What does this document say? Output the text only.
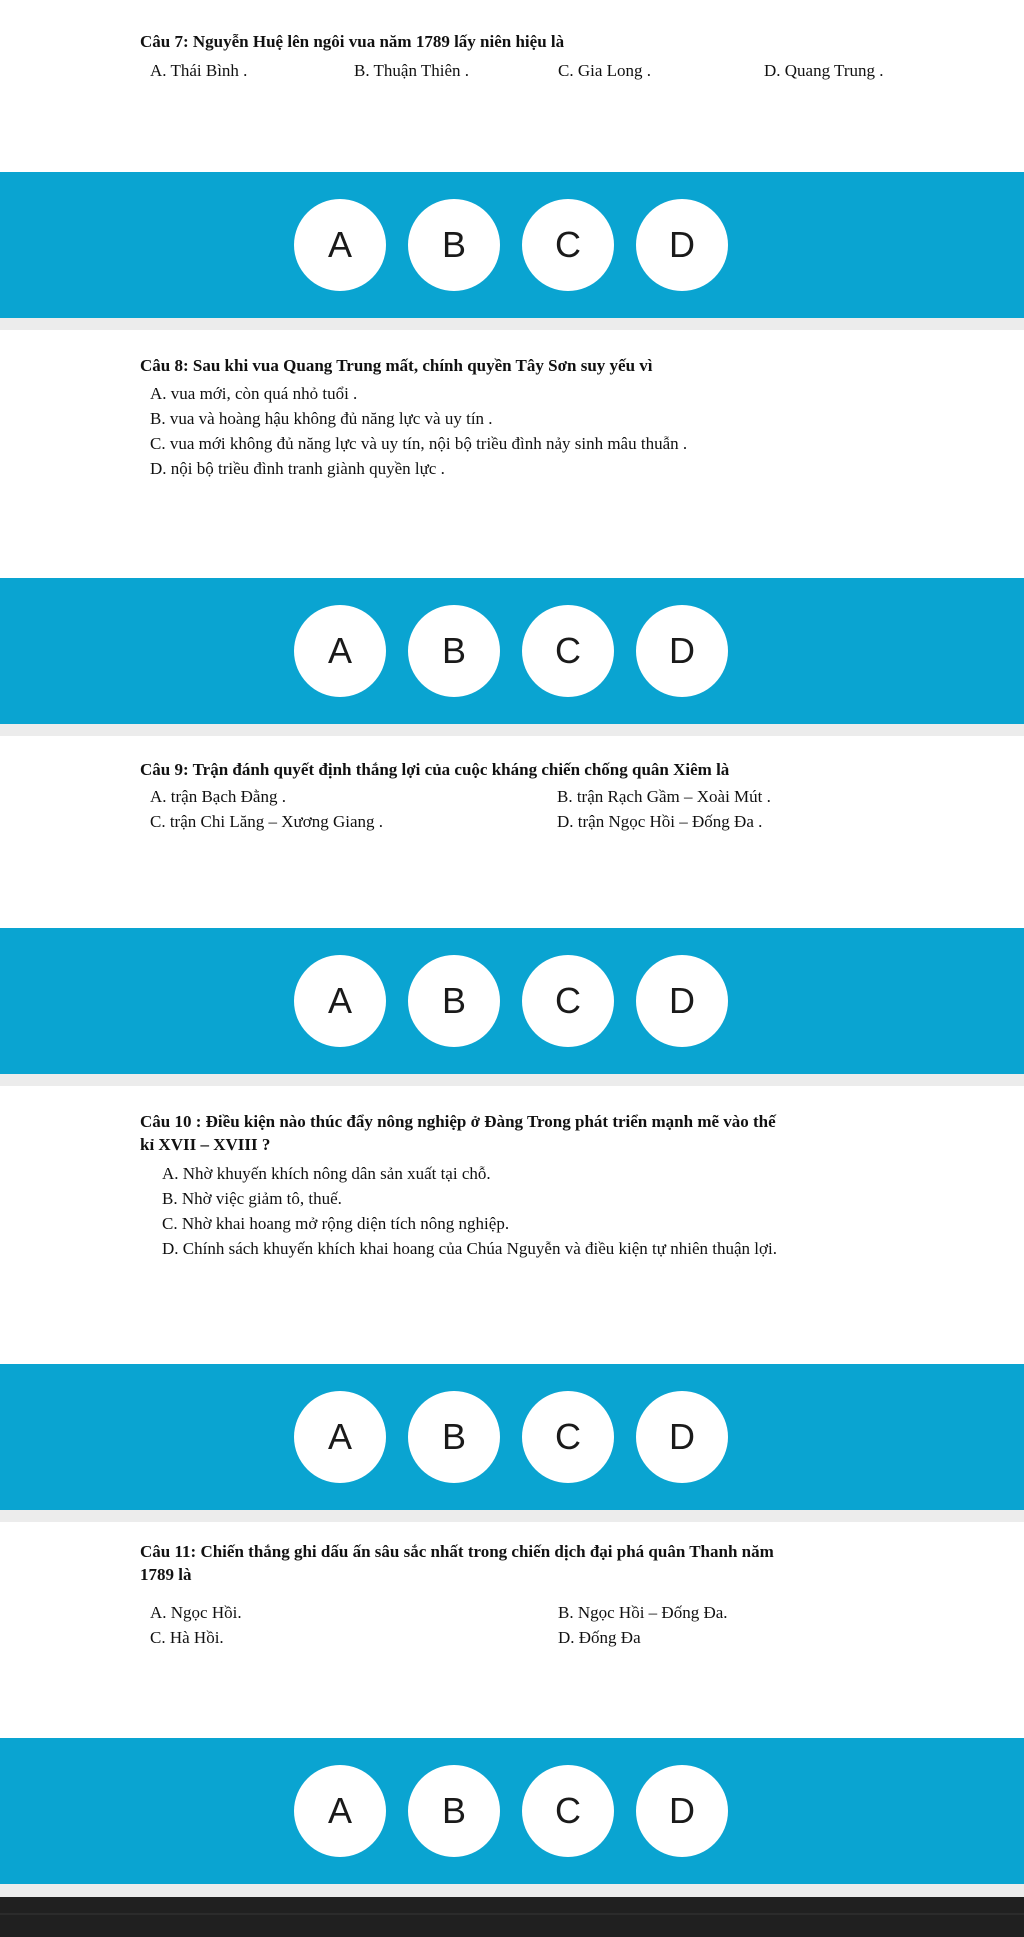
Câu 7: Nguyễn Huệ lên ngôi vua năm 1789 lấy niên hiệu là
A. Thái Bình .	B. Thuận Thiên .	C. Gia Long .	D. Quang Trung .
A	B	C	D
Câu 8: Sau khi vua Quang Trung mất, chính quyền Tây Sơn suy yếu vì
A. vua mới, còn quá nhỏ tuổi .
B. vua và hoàng hậu không đủ năng lực và uy tín .
C. vua mới không đủ năng lực và uy tín, nội bộ triều đình nảy sinh mâu thuẫn .
D. nội bộ triều đình tranh giành quyền lực .
A	B	C	D
Câu 9: Trận đánh quyết định thắng lợi của cuộc kháng chiến chống quân Xiêm là
A. trận Bạch Đằng .	B. trận Rạch Gầm – Xoài Mút .
C. trận Chi Lăng – Xương Giang .	D. trận Ngọc Hồi – Đống Đa .
A	B	C	D
Câu 10 : Điều kiện nào thúc đẩy nông nghiệp ở Đàng Trong phát triển mạnh mẽ vào thế
kỉ XVII – XVIII ?
A. Nhờ khuyến khích nông dân sản xuất tại chỗ.
B. Nhờ việc giảm tô, thuế.
C. Nhờ khai hoang mở rộng diện tích nông nghiệp.
D. Chính sách khuyến khích khai hoang của Chúa Nguyễn và điều kiện tự nhiên thuận lợi.
A	B	C	D
Câu 11: Chiến thắng ghi dấu ấn sâu sắc nhất trong chiến dịch đại phá quân Thanh năm
1789 là
A. Ngọc Hồi.	B. Ngọc Hồi – Đống Đa.
C. Hà Hồi.	D. Đống Đa
A	B	C	D
